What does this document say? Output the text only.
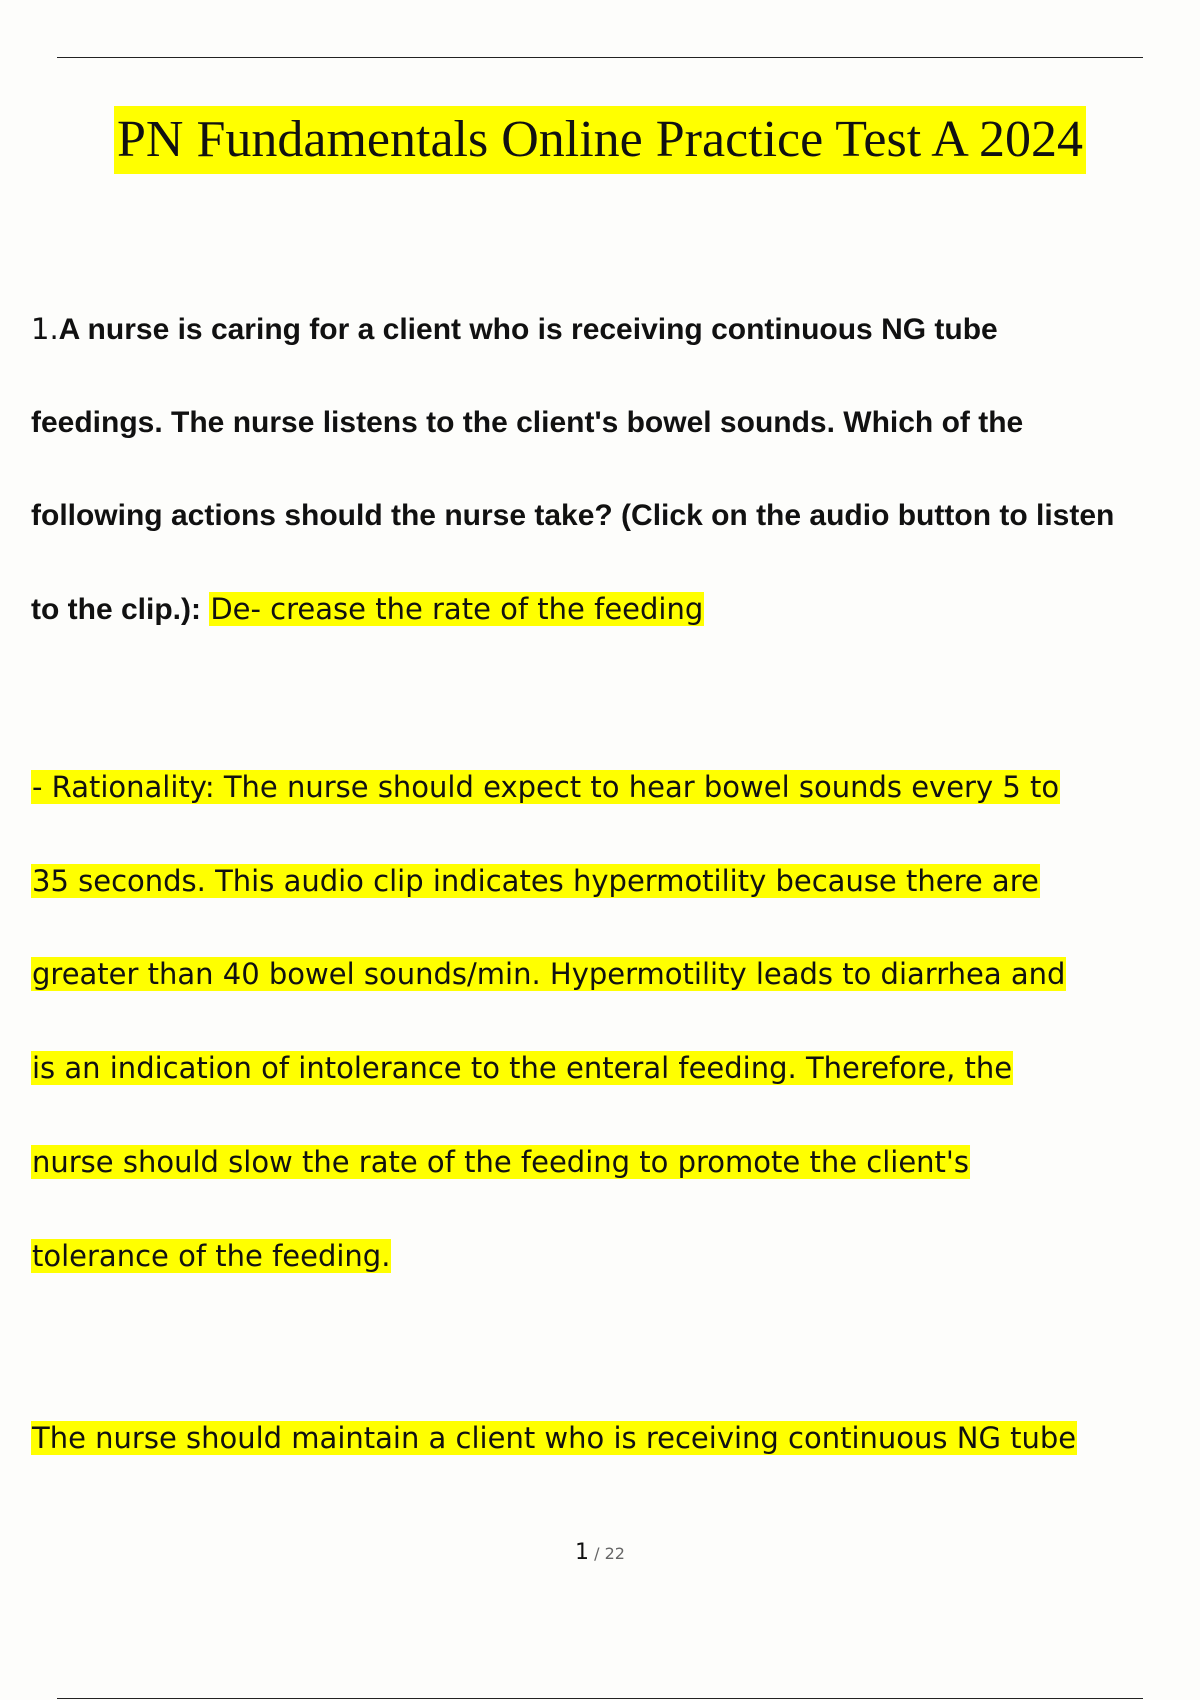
PN Fundamentals Online Practice Test A 2024
1.A nurse is caring for a client who is receiving continuous NG tube
feedings. The nurse listens to the client's bowel sounds. Which of the
following actions should the nurse take? (Click on the audio button to listen
to the clip.): De- crease the rate of the feeding
- Rationality: The nurse should expect to hear bowel sounds every 5 to
35 seconds. This audio clip indicates hypermotility because there are
greater than 40 bowel sounds/min. Hypermotility leads to diarrhea and
is an indication of intolerance to the enteral feeding. Therefore, the
nurse should slow the rate of the feeding to promote the client's
tolerance of the feeding.
The nurse should maintain a client who is receiving continuous NG tube
1 / 22
